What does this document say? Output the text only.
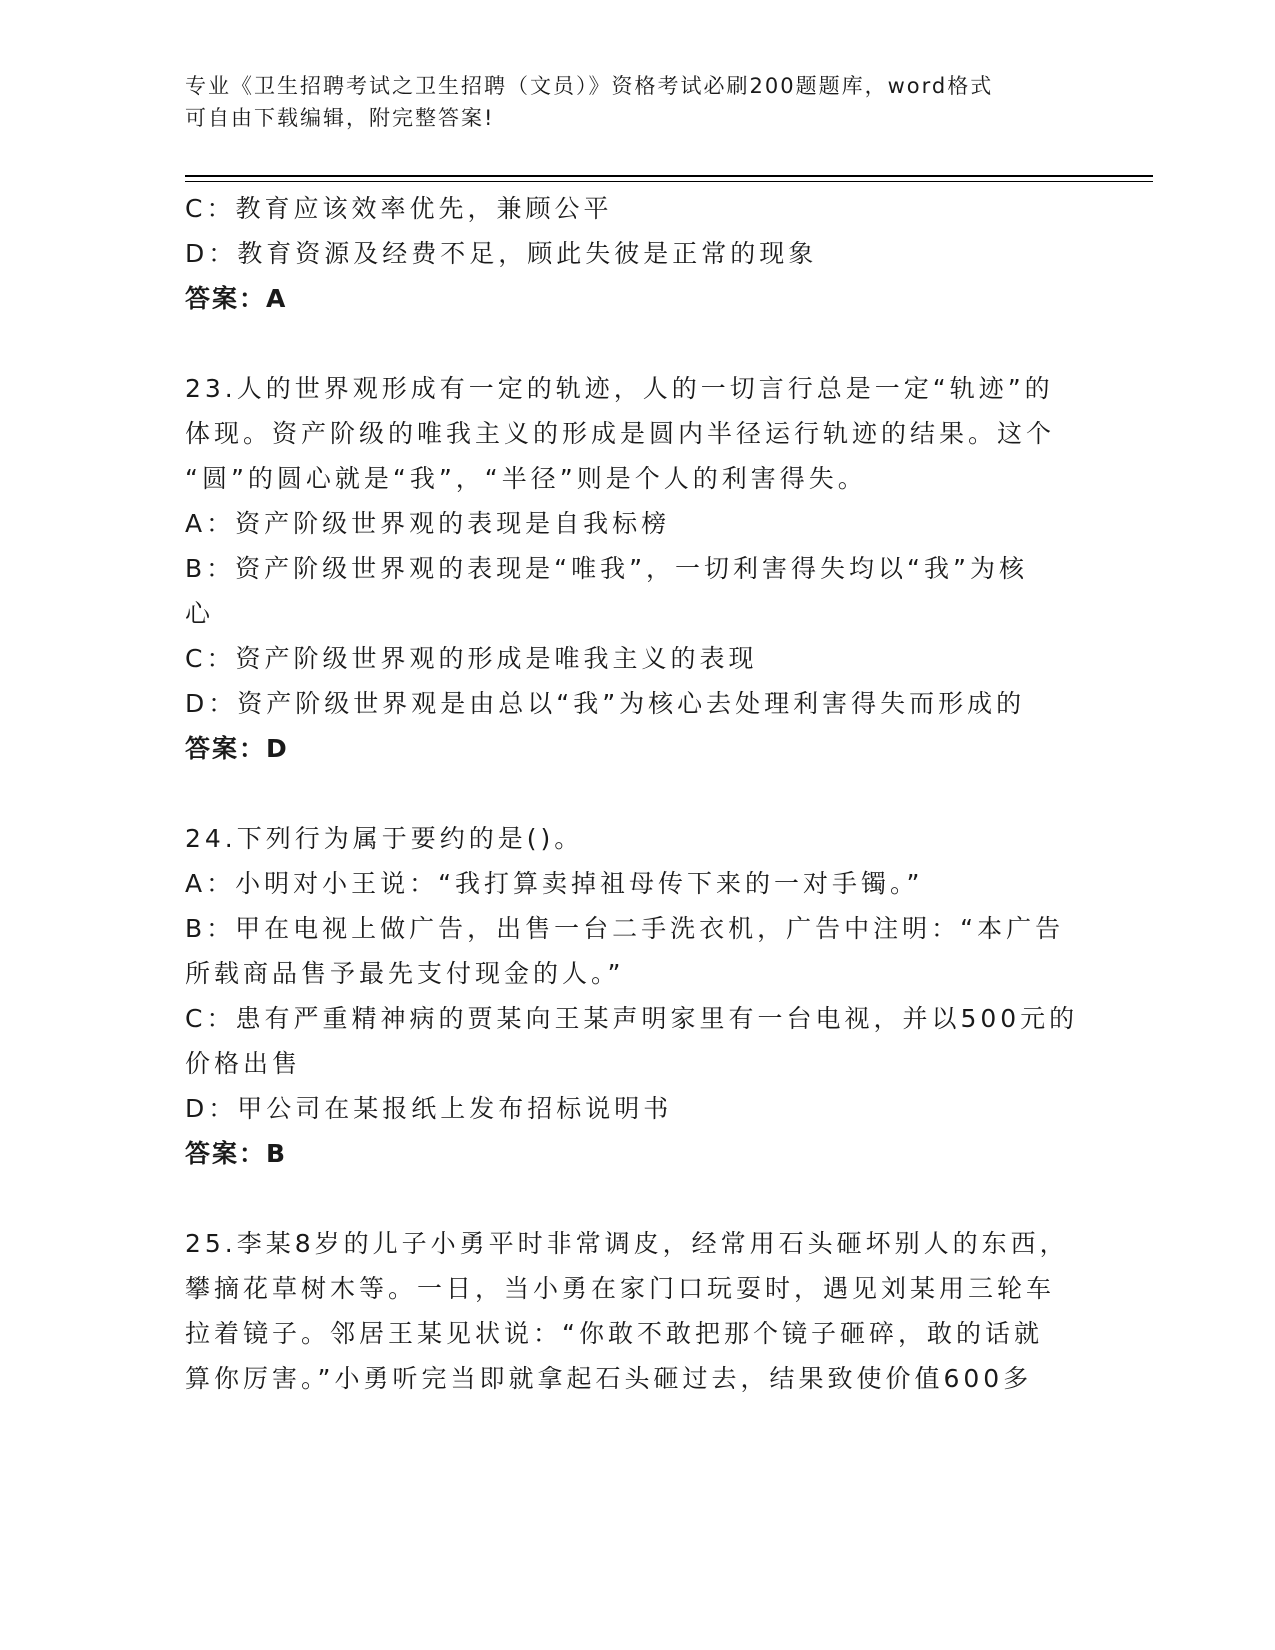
专业《卫生招聘考试之卫生招聘（文员）》资格考试必刷200题题库，word格式
可自由下载编辑，附完整答案!
C：教育应该效率优先，兼顾公平
D：教育资源及经费不足，顾此失彼是正常的现象
答案：A
23.人的世界观形成有一定的轨迹，人的一切言行总是一定“轨迹”的
体现。资产阶级的唯我主义的形成是圆内半径运行轨迹的结果。这个
“圆”的圆心就是“我”，“半径”则是个人的利害得失。
A：资产阶级世界观的表现是自我标榜
B：资产阶级世界观的表现是“唯我”，一切利害得失均以“我”为核
心
C：资产阶级世界观的形成是唯我主义的表现
D：资产阶级世界观是由总以“我”为核心去处理利害得失而形成的
答案：D
24.下列行为属于要约的是()。
A：小明对小王说：“我打算卖掉祖母传下来的一对手镯。”
B：甲在电视上做广告，出售一台二手洗衣机，广告中注明：“本广告
所载商品售予最先支付现金的人。”
C：患有严重精神病的贾某向王某声明家里有一台电视，并以500元的
价格出售
D：甲公司在某报纸上发布招标说明书
答案：B
25.李某8岁的儿子小勇平时非常调皮，经常用石头砸坏别人的东西，
攀摘花草树木等。一日，当小勇在家门口玩耍时，遇见刘某用三轮车
拉着镜子。邻居王某见状说：“你敢不敢把那个镜子砸碎，敢的话就
算你厉害。”小勇听完当即就拿起石头砸过去，结果致使价值600多
